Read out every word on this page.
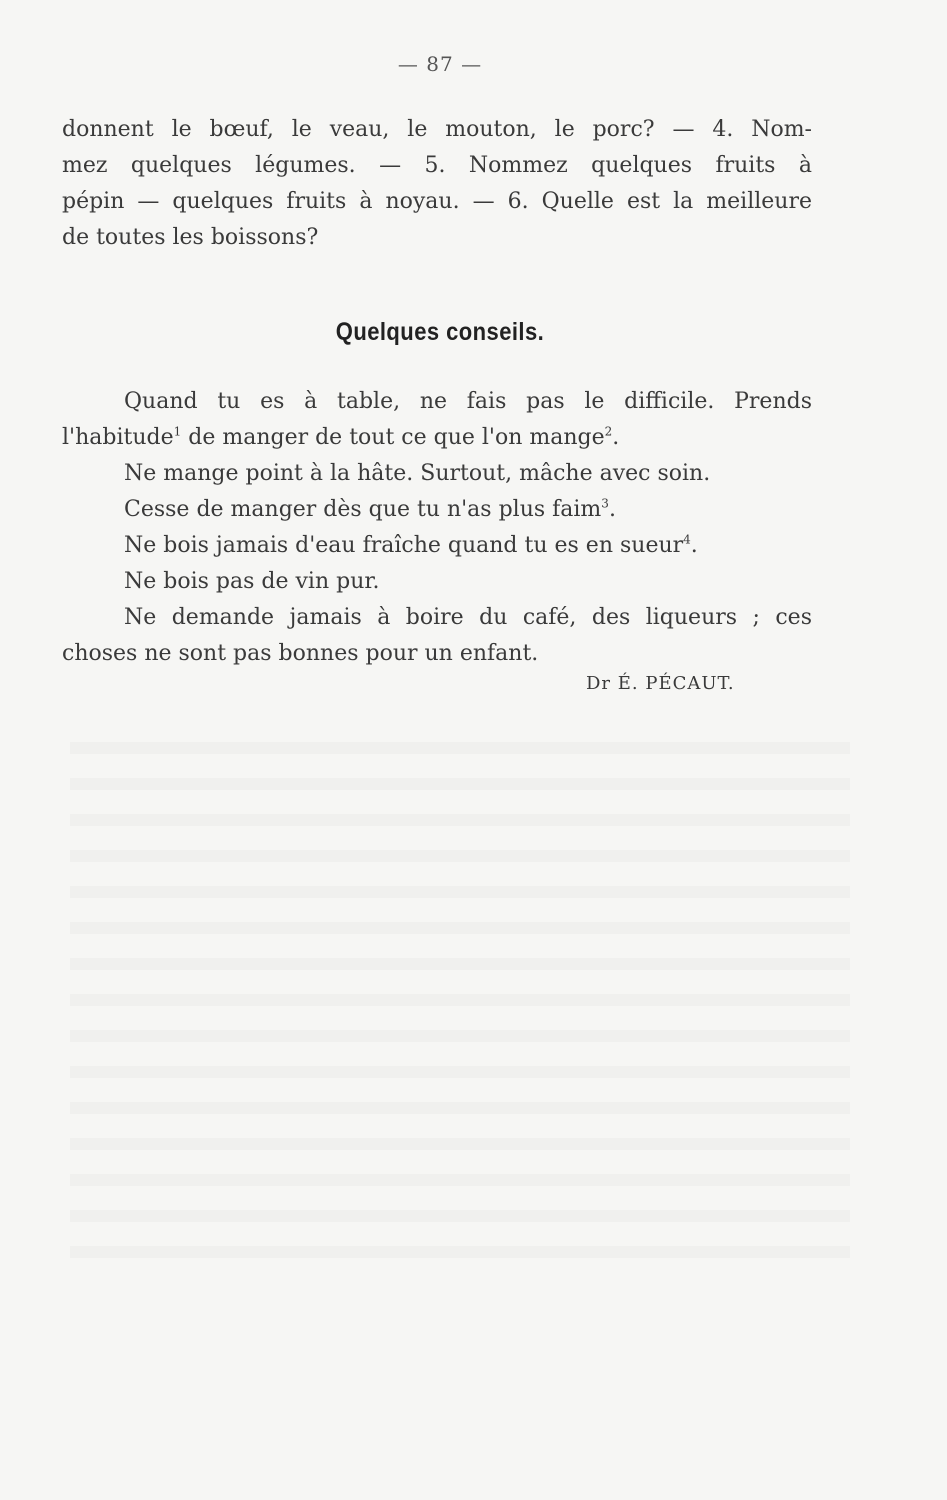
— 87 —
donnent le bœuf, le veau, le mouton, le porc? — 4. Nom-
mez quelques légumes. — 5. Nommez quelques fruits à
pépin — quelques fruits à noyau. — 6. Quelle est la meilleure
de toutes les boissons?
Quelques conseils.

Quand tu es à table, ne fais pas le difficile. Prends

l'habitude$^1$ de manger de tout ce que l'on mange$^2$.

Ne mange point à la hâte. Surtout, mâche avec soin.

Cesse de manger dès que tu n'as plus faim$^3$.

Ne bois jamais d'eau fraîche quand tu es en sueur$^4$.

Ne bois pas de vin pur.

Ne demande jamais à boire du café, des liqueurs ; ces

choses ne sont pas bonnes pour un enfant.

Dr É. PÉCAUT.
